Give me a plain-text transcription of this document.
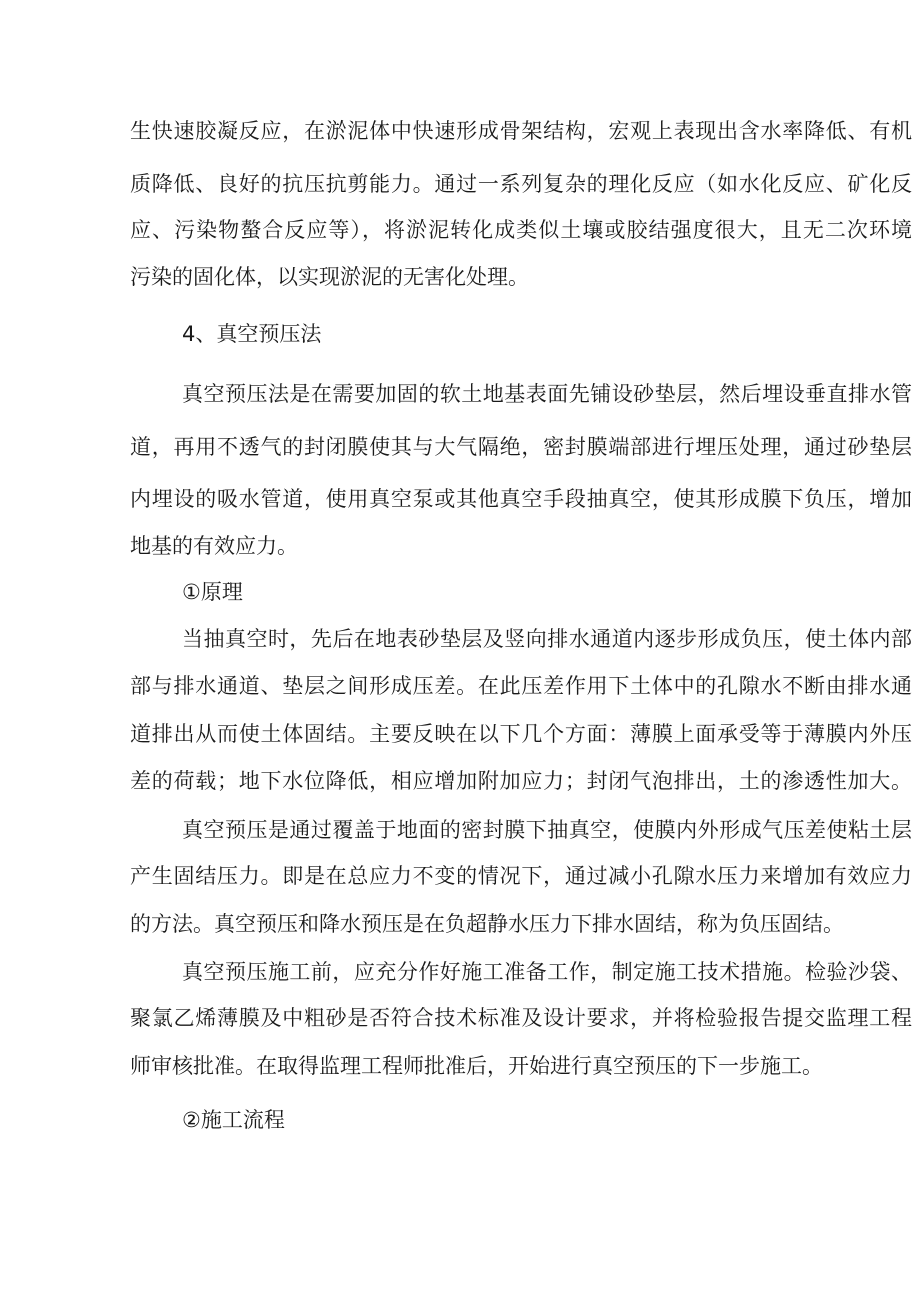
生快速胶凝反应，在淤泥体中快速形成骨架结构，宏观上表现出含水率降低、有机
质降低、良好的抗压抗剪能力。通过一系列复杂的理化反应（如水化反应、矿化反
应、污染物螯合反应等），将淤泥转化成类似土壤或胶结强度很大，且无二次环境
污染的固化体，以实现淤泥的无害化处理。
4、真空预压法
真空预压法是在需要加固的软土地基表面先铺设砂垫层，然后埋设垂直排水管
道，再用不透气的封闭膜使其与大气隔绝，密封膜端部进行埋压处理，通过砂垫层
内埋设的吸水管道，使用真空泵或其他真空手段抽真空，使其形成膜下负压，增加
地基的有效应力。
①原理
当抽真空时，先后在地表砂垫层及竖向排水通道内逐步形成负压，使土体内部
部与排水通道、垫层之间形成压差。在此压差作用下土体中的孔隙水不断由排水通
道排出从而使土体固结。主要反映在以下几个方面：薄膜上面承受等于薄膜内外压
差的荷载；地下水位降低，相应增加附加应力；封闭气泡排出，土的渗透性加大。
真空预压是通过覆盖于地面的密封膜下抽真空，使膜内外形成气压差使粘土层
产生固结压力。即是在总应力不变的情况下，通过减小孔隙水压力来增加有效应力
的方法。真空预压和降水预压是在负超静水压力下排水固结，称为负压固结。
真空预压施工前，应充分作好施工准备工作，制定施工技术措施。检验沙袋、
聚氯乙烯薄膜及中粗砂是否符合技术标准及设计要求，并将检验报告提交监理工程
师审核批准。在取得监理工程师批准后，开始进行真空预压的下一步施工。
②施工流程
